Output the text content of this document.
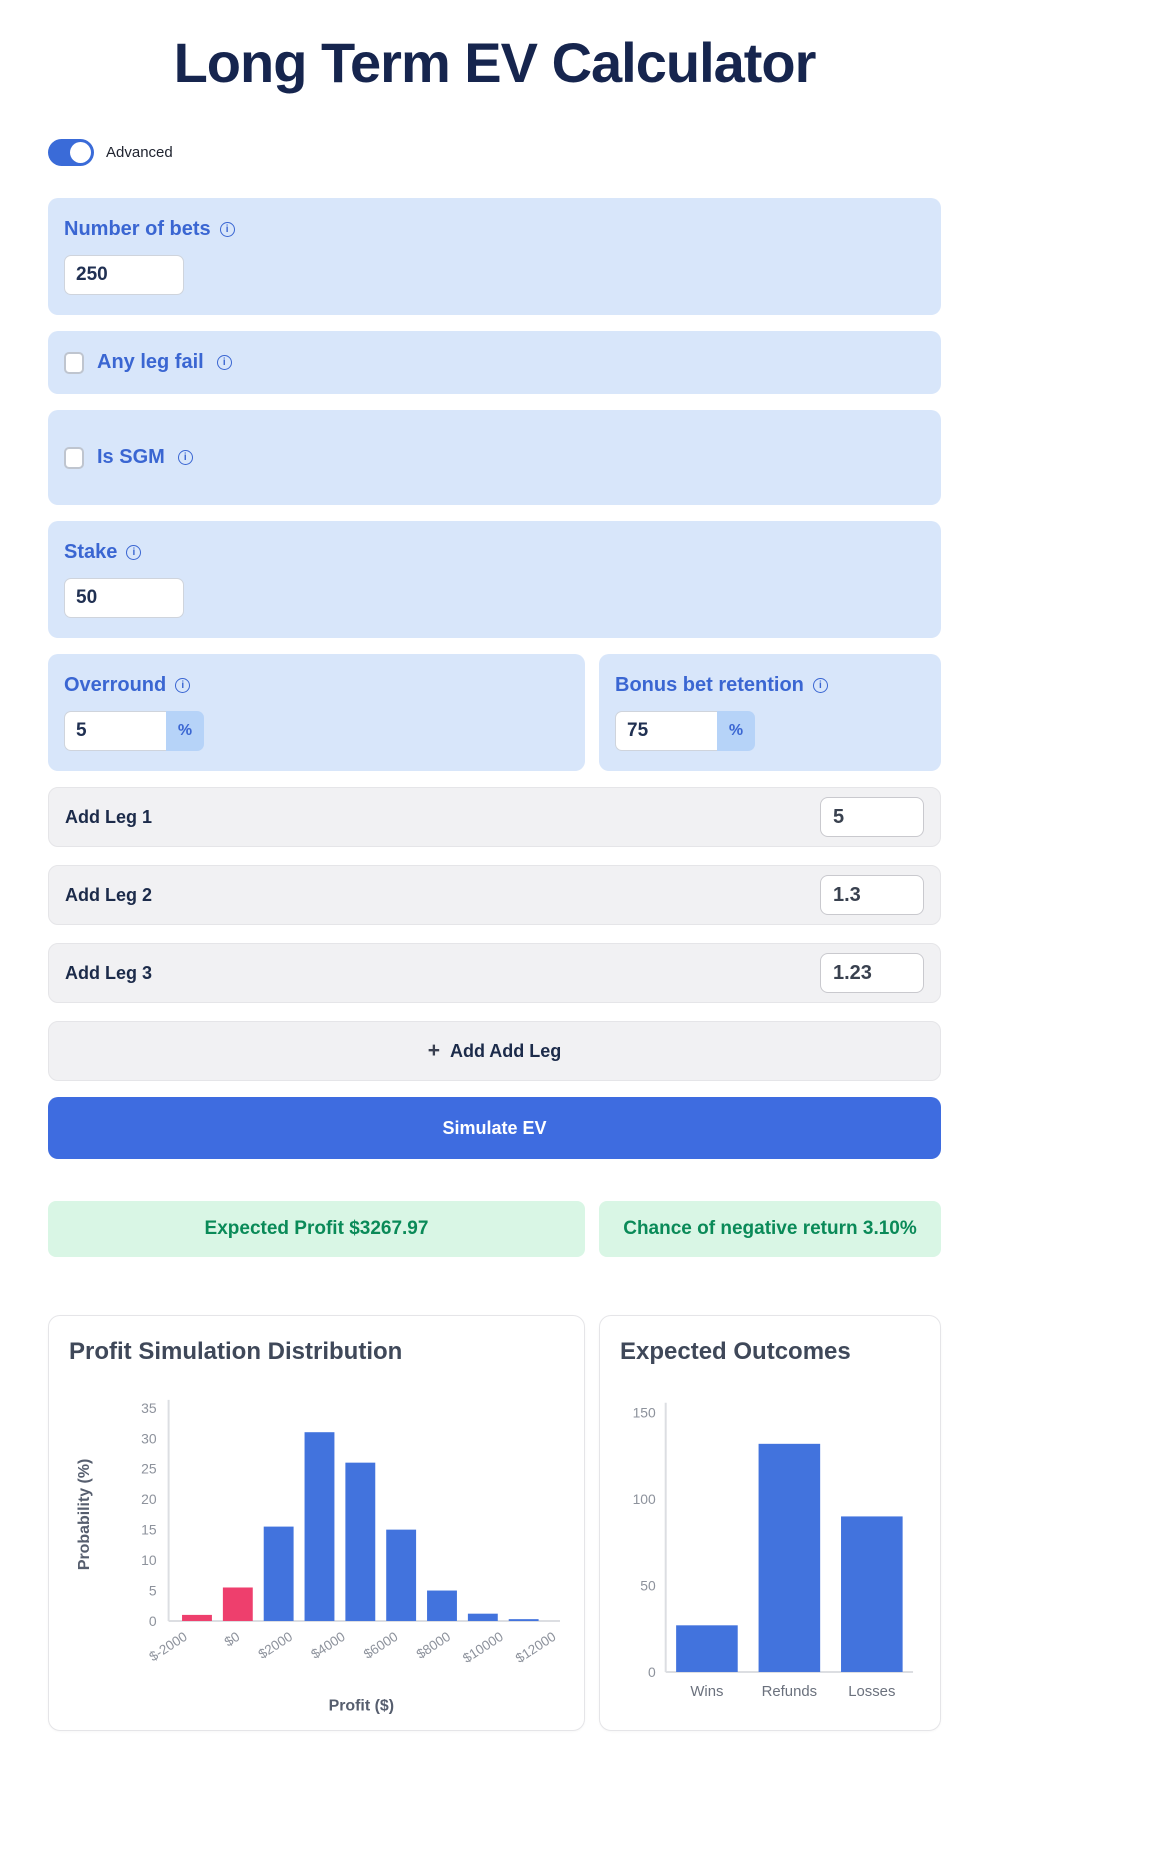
Long Term EV Calculator
Advanced
Number of bets	i
250
Any leg fail	i
Is SGM	i
Stake	i
50
Overround	i
5
%
Bonus bet retention	i
75
%
Add Leg 1
5
Add Leg 2
1.3
Add Leg 3
1.23
+ Add Add Leg
Simulate EV
Expected Profit $3267.97	Chance of negative return 3.10%
Profit Simulation Distribution
0
5
10
15
20
25
30
35
Probability (%)
$-2000 $0 $2000 $4000 $6000 $8000 $10000 $12000
Profit ($)
Expected Outcomes
0
50
100
150
Wins	Refunds Losses
